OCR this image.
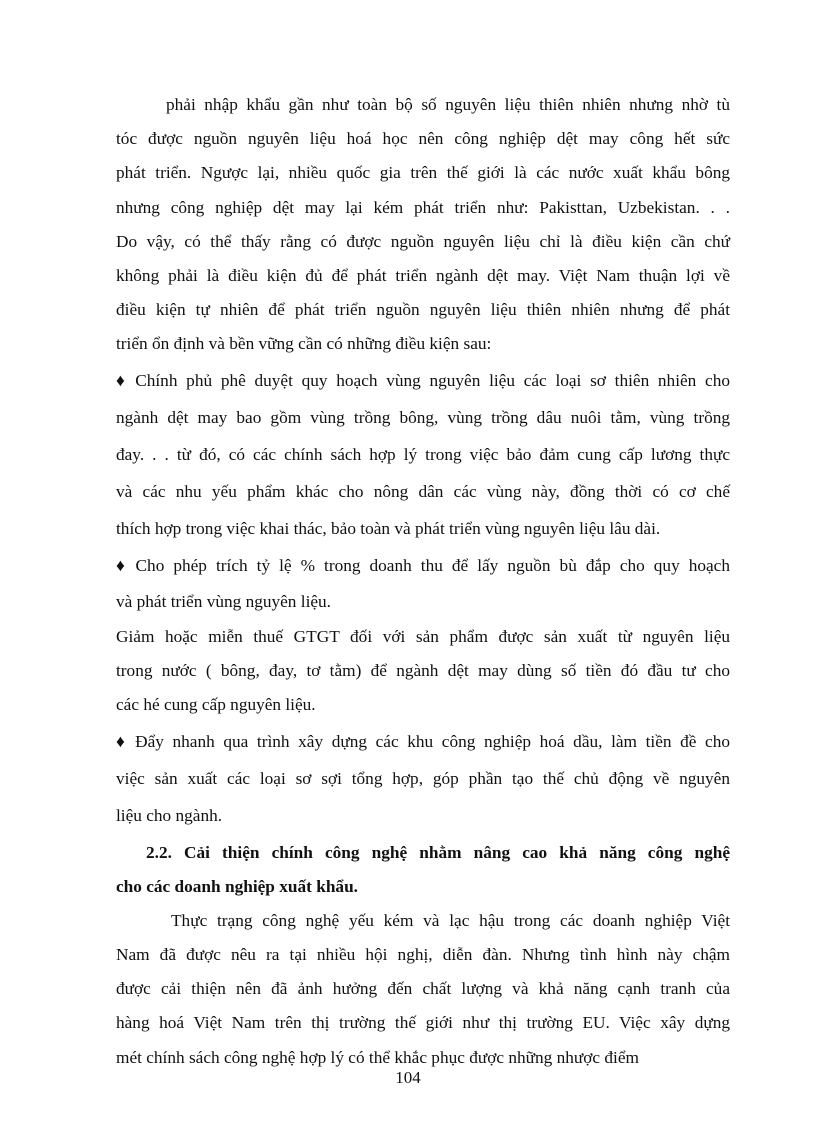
phải nhập khẩu gần như toàn bộ số nguyên liệu thiên nhiên nhưng nhờ tù
tóc được nguồn nguyên liệu hoá học nên công nghiệp dệt may công hết sức
phát triển. Ngược lại, nhiều quốc gia trên thế giới là các nước xuất khẩu bông
nhưng công nghiệp dệt may lại kém phát triển như: Pakisttan, Uzbekistan. . .
Do vậy, có thể thấy rằng có được nguồn nguyên liệu chỉ là điều kiện cần chứ
không phải là điều kiện đủ để phát triển ngành dệt may. Việt Nam thuận lợi về
điều kiện tự nhiên để phát triển nguồn nguyên liệu thiên nhiên nhưng để phát
triển ổn định và bền vững cần có những điều kiện sau:
♦ Chính phủ phê duyệt quy hoạch vùng nguyên liệu các loại sơ thiên nhiên cho
ngành dệt may bao gồm vùng trồng bông, vùng trồng dâu nuôi tằm, vùng trồng
đay. . . từ đó, có các chính sách hợp lý trong việc bảo đảm cung cấp lương thực
và các nhu yếu phẩm khác cho nông dân các vùng này, đồng thời có cơ chế
thích hợp trong việc khai thác, bảo toàn và phát triển vùng nguyên liệu lâu dài.
♦ Cho phép trích tỷ lệ % trong doanh thu để lấy nguồn bù đắp cho quy hoạch
và phát triển vùng nguyên liệu.
Giảm hoặc miễn thuế GTGT đối với sản phẩm được sản xuất từ nguyên liệu
trong nước ( bông, đay, tơ tằm) để ngành dệt may dùng số tiền đó đầu tư cho
các hé cung cấp nguyên liệu.
♦ Đẩy nhanh qua trình xây dựng các khu công nghiệp hoá dầu, làm tiền đề cho
việc sản xuất các loại sơ sợi tổng hợp, góp phần tạo thế chủ động về nguyên
liệu cho ngành.
2.2. Cải thiện chính công nghệ nhằm nâng cao khả năng công nghệ
cho các doanh nghiệp xuất khẩu.
Thực trạng công nghệ yếu kém và lạc hậu trong các doanh nghiệp Việt
Nam đã được nêu ra tại nhiều hội nghị, diễn đàn. Nhưng tình hình này chậm
được cải thiện nên đã ảnh hưởng đến chất lượng và khả năng cạnh tranh của
hàng hoá Việt Nam trên thị trường thế giới như thị trường EU. Việc xây dựng
mét chính sách công nghệ hợp lý có thể khắc phục được những nhược điểm
104
